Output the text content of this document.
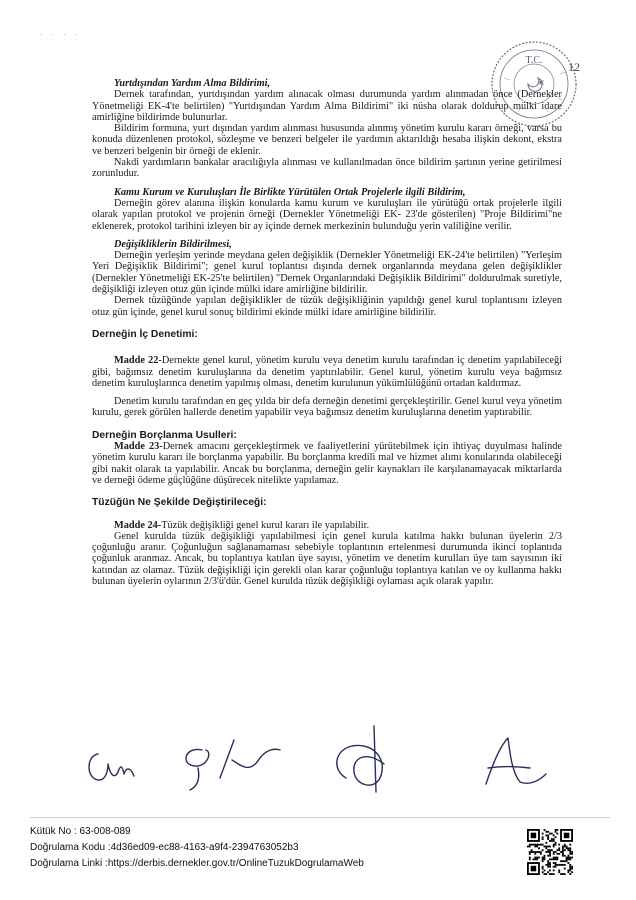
. . . .
T.C. 12

Yurtdışından Yardım Alma Bildirimi,

Dernek tarafından, yurtdışından yardım alınacak olması durumunda yardım alınmadan önce (Dernekler Yönetmeliği EK-4'te belirtilen) "Yurtdışından Yardım Alma Bildirimi" iki nüsha olarak doldurup mülki idare amirliğine bildirimde bulunurlar.

Bildirim formuna, yurt dışından yardım alınması hususunda alınmış yönetim kurulu kararı örneği, varsa bu konuda düzenlenen protokol, sözleşme ve benzeri belgeler ile yardımın aktarıldığı hesaba ilişkin dekont, ekstra ve benzeri belgenin bir örneği de eklenir.

Nakdi yardımların bankalar aracılığıyla alınması ve kullanılmadan önce bildirim şartının yerine getirilmesi zorunludur.

Kamu Kurum ve Kuruluşları İle Birlikte Yürütülen Ortak Projelerle ilgili Bildirim,

Derneğin görev alanına ilişkin konularda kamu kurum ve kuruluşları ile yürütüğü ortak projelerle ilgili olarak yapılan protokol ve projenin örneği (Dernekler Yönetmeliği EK- 23'de gösterilen) "Proje Bildirimi"ne eklenerek, protokol tarihini izleyen bir ay içinde dernek merkezinin bulunduğu yerin valiliğine verilir.

Değişikliklerin Bildirilmesi,

Derneğin yerleşim yerinde meydana gelen değişiklik (Dernekler Yönetmeliği EK-24'te belirtilen) "Yerleşim Yeri Değişiklik Bildirimi"; genel kurul toplantısı dışında dernek organlarında meydana gelen değişiklikler (Dernekler Yönetmeliği EK-25'te belirtilen) "Dernek Organlarındaki Değişiklik Bildirimi" doldurulmak suretiyle, değişikliği izleyen otuz gün içinde mülki idare amirliğine bildirilir.

Dernek tüzüğünde yapılan değişiklikler de tüzük değişikliğinin yapıldığı genel kurul toplantısını izleyen otuz gün içinde, genel kurul sonuç bildirimi ekinde mülki idare amirliğine bildirilir.

Derneğin İç Denetimi:

Madde 22-Dernekte genel kurul, yönetim kurulu veya denetim kurulu tarafından iç denetim yapılabileceği gibi, bağımsız denetim kuruluşlarına da denetim yaptırılabilir. Genel kurul, yönetim kurulu veya bağımsız denetim kuruluşlarınca denetim yapılmış olması, denetim kurulunun yükümlülüğünü ortadan kaldırmaz.

Denetim kurulu tarafından en geç yılda bir defa derneğin denetimi gerçekleştirilir. Genel kurul veya yönetim kurulu, gerek görülen hallerde denetim yapabilir veya bağımsız denetim kuruluşlarına denetim yaptırabilir.

Derneğin Borçlanma Usulleri:

Madde 23-Dernek amacını gerçekleştirmek ve faaliyetlerini yürütebilmek için ihtiyaç duyulması halinde yönetim kurulu kararı ile borçlanma yapabilir. Bu borçlanma kredili mal ve hizmet alımı konularında olabileceği gibi nakit olarak ta yapılabilir. Ancak bu borçlanma, derneğin gelir kaynakları ile karşılanamayacak miktarlarda ve derneği ödeme güçlüğüne düşürecek nitelikte yapılamaz.

Tüzüğün Ne Şekilde Değiştirileceği:

Madde 24-Tüzük değişikliği genel kurul kararı ile yapılabilir.

Genel kurulda tüzük değişikliği yapılabilmesi için genel kurula katılma hakkı bulunan üyelerin 2/3 çoğunluğu aranır. Çoğunluğun sağlanamaması sebebiyle toplantının ertelenmesi durumunda ikinci toplantıda çoğunluk aranmaz. Ancak, bu toplantıya katılan üye sayısı, yönetim ve denetim kurulları üye tam sayısının iki katından az olamaz. Tüzük değişikliği için gerekli olan karar çoğunluğu toplantıya katılan ve oy kullanma hakkı bulunan üyelerin oylarının 2/3'ü'dür. Genel kurulda tüzük değişikliği oylaması açık olarak yapılır.

Kütük No : 63-008-089
Doğrulama Kodu :4d36ed09-ec88-4163-a9f4-2394763052b3
Doğrulama Linki :https://derbis.dernekler.gov.tr/OnlineTuzukDogrulamaWeb
